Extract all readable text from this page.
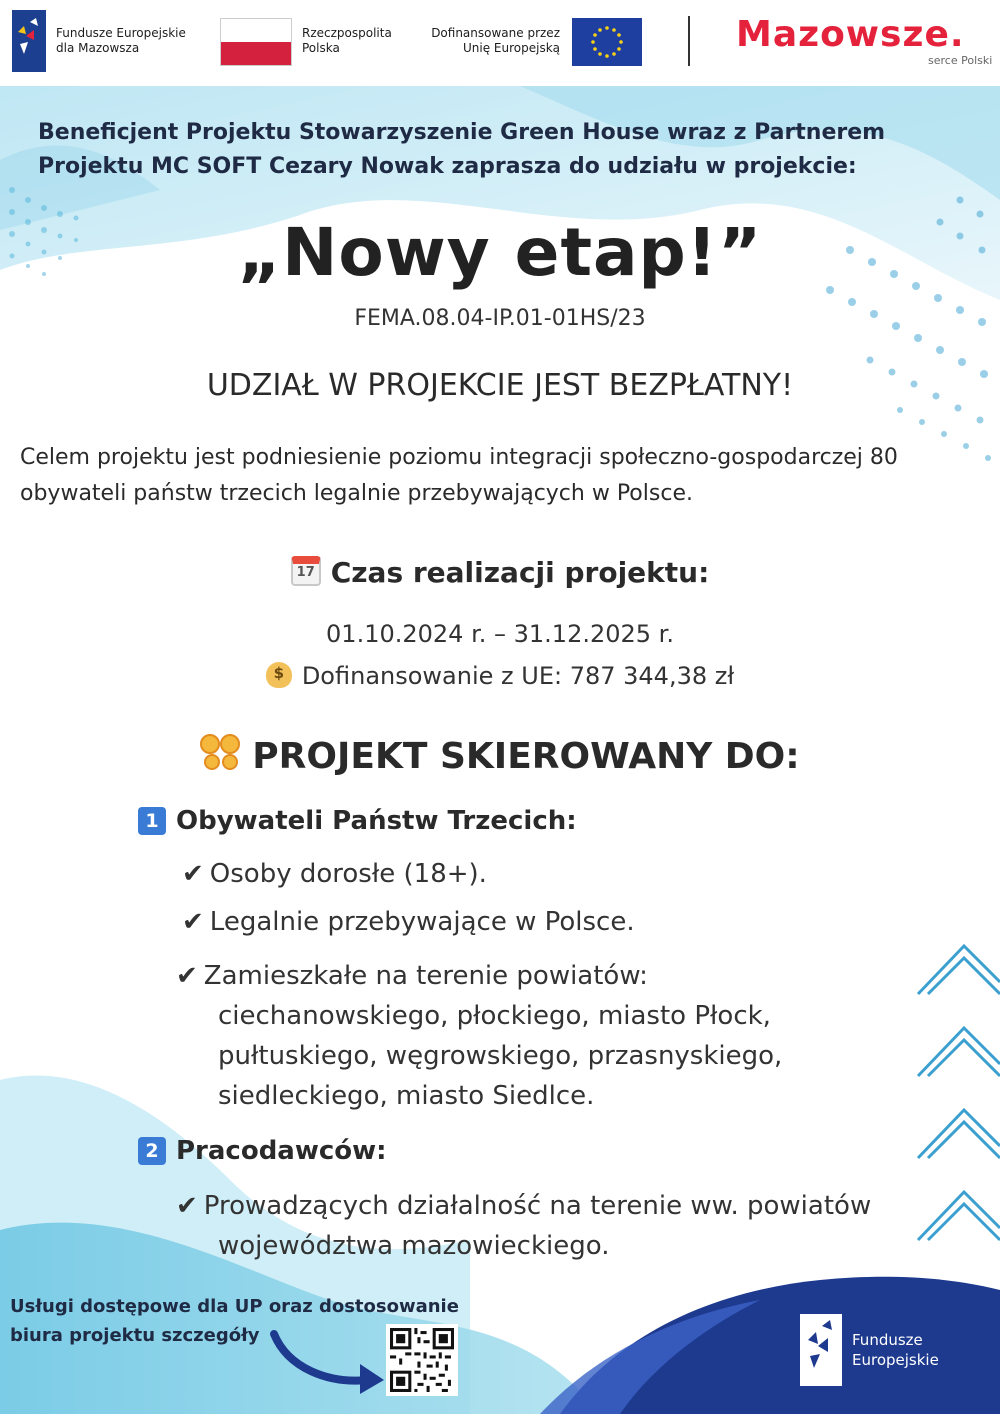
Fundusze Europejskie
dla Mazowsza
Rzeczpospolita
Polska
Dofinansowane przez
Unię Europejską	Mazowsze.
serce Polski
Beneficjent Projektu Stowarzyszenie Green House wraz z Partnerem Projektu MC SOFT Cezary Nowak zaprasza do udziału w projekcie:
„Nowy etap!”
FEMA.08.04-IP.01-01HS/23
UDZIAŁ W PROJEKCIE JEST BEZPŁATNY!
Celem projektu jest podniesienie poziomu integracji społeczno-gospodarczej 80 obywateli państw trzecich legalnie przebywających w Polsce.
17Czas realizacji projektu:
01.10.2024 r. – 31.12.2025 r.
$Dofinansowanie z UE: 787 344,38 zł
PROJEKT SKIEROWANY DO:
1 Obywateli Państw Trzecich:
✔ Osoby dorosłe (18+).
✔ Legalnie przebywające w Polsce.
✔ Zamieszkałe na terenie powiatów:
ciechanowskiego, płockiego, miasto Płock,
pułtuskiego, węgrowskiego, przasnyskiego,
siedleckiego, miasto Siedlce.
2 Pracodawców:
✔ Prowadzących działalność na terenie ww. powiatów
województwa mazowieckiego.
Usługi dostępowe dla UP oraz dostosowanie
biura projektu szczegóły	Fundusze
Europejskie
